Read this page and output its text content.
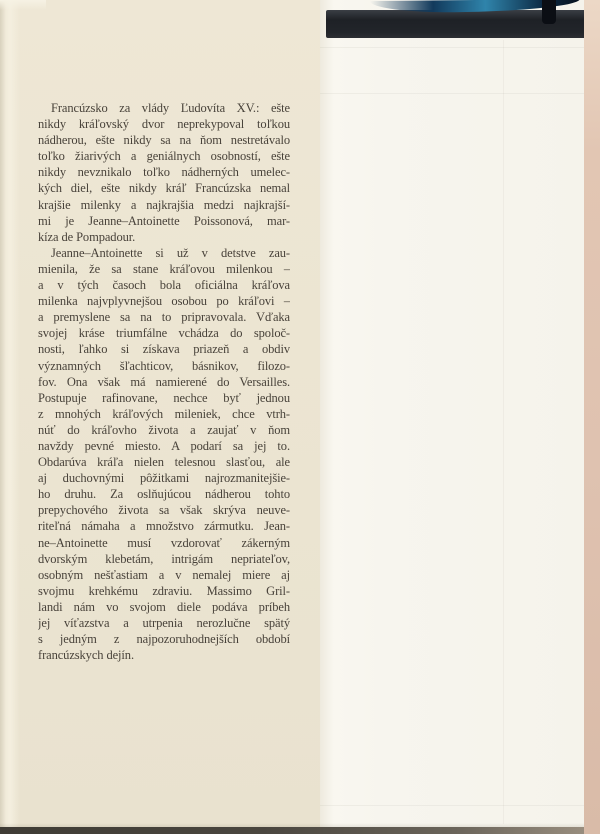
Francúzsko za vlády Ľudovíta XV.: ešte
nikdy kráľovský dvor neprekypoval toľkou
nádherou, ešte nikdy sa na ňom nestretávalo
toľko žiarivých a geniálnych osobností, ešte
nikdy nevznikalo toľko nádherných umelec-
kých diel, ešte nikdy kráľ Francúzska nemal
krajšie milenky a najkrajšia medzi najkrajší-
mi je Jeanne–Antoinette Poissonová, mar-
kíza de Pompadour.
Jeanne–Antoinette si už v detstve zau-
mienila, že sa stane kráľovou milenkou –
a v tých časoch bola oficiálna kráľova
milenka najvplyvnejšou osobou po kráľovi –
a premyslene sa na to pripravovala. Vďaka
svojej kráse triumfálne vchádza do spoloč-
nosti, ľahko si získava priazeň a obdiv
významných šľachticov, básnikov, filozo-
fov. Ona však má namierené do Versailles.
Postupuje rafinovane, nechce byť jednou
z mnohých kráľových mileniek, chce vtrh-
núť do kráľovho života a zaujať v ňom
navždy pevné miesto. A podarí sa jej to.
Obdarúva kráľa nielen telesnou slasťou, ale
aj duchovnými pôžitkami najrozmanitejšie-
ho druhu. Za oslňujúcou nádherou tohto
prepychového života sa však skrýva neuve-
riteľná námaha a množstvo zármutku. Jean-
ne–Antoinette musí vzdorovať zákerným
dvorským klebetám, intrigám nepriateľov,
osobným nešťastiam a v nemalej miere aj
svojmu krehkému zdraviu. Massimo Gril-
landi nám vo svojom diele podáva príbeh
jej víťazstva a utrpenia nerozlučne spätý
s jedným z najpozoruhodnejších období
francúzskych dejín.
